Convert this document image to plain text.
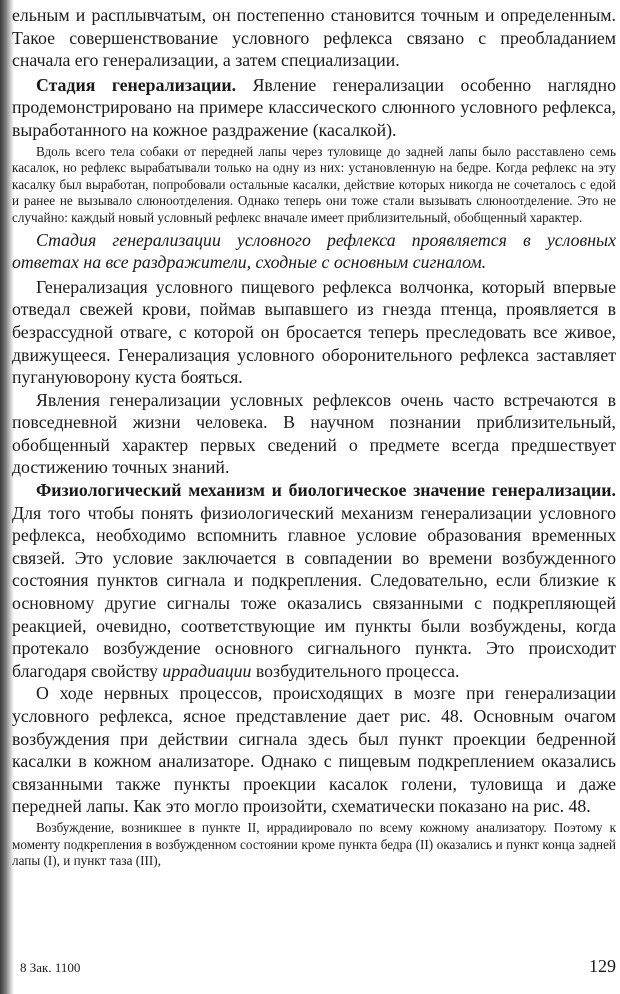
ельным и расплывчатым, он постепенно становится точным и определенным. Такое совершенствование условного рефлекса связано с преобладанием сначала его генерализации, а затем специализации.

Стадия генерализации. Явление генерализации особенно наглядно продемонстрировано на примере классического слюнного условного рефлекса, выработанного на кожное раздражение (касалкой).

Вдоль всего тела собаки от передней лапы через туловище до задней лапы было расставлено семь касалок, но рефлекс вырабатывали только на одну из них: установленную на бедре. Когда рефлекс на эту касалку был выработан, попробовали остальные касалки, действие которых никогда не сочеталось с едой и ранее не вызывало слюноотделения. Однако теперь они тоже стали вызывать слюноотделение. Это не случайно: каждый новый условный рефлекс вначале имеет приблизительный, обобщенный характер.

Стадия генерализации условного рефлекса проявляется в условных ответах на все раздражители, сходные с основным сигналом.

Генерализация условного пищевого рефлекса волчонка, который впервые отведал свежей крови, поймав выпавшего из гнезда птенца, проявляется в безрассудной отваге, с которой он бросается теперь преследовать все живое, движущееся. Генерализация условного оборонительного рефлекса заставляет пугануюворону куста бояться.

Явления генерализации условных рефлексов очень часто встречаются в повседневной жизни человека. В научном познании приблизительный, обобщенный характер первых сведений о предмете всегда предшествует достижению точных знаний.

Физиологический механизм и биологическое значение генерализации. Для того чтобы понять физиологический механизм генерализации условного рефлекса, необходимо вспомнить главное условие образования временных связей. Это условие заключается в совпадении во времени возбужденного состояния пунктов сигнала и подкрепления. Следовательно, если близкие к основному другие сигналы тоже оказались связанными с подкрепляющей реакцией, очевидно, соответствующие им пункты были возбуждены, когда протекало возбуждение основного сигнального пункта. Это происходит благодаря свойству иррадиации возбудительного процесса.

О ходе нервных процессов, происходящих в мозге при генерализации условного рефлекса, ясное представление дает рис. 48. Основным очагом возбуждения при действии сигнала здесь был пункт проекции бедренной касалки в кожном анализаторе. Однако с пищевым подкреплением оказались связанными также пункты проекции касалок голени, туловища и даже передней лапы. Как это могло произойти, схематически показано на рис. 48.

Возбуждение, возникшее в пункте II, иррадиировало по всему кожному анализатору. Поэтому к моменту подкрепления в возбужденном состоянии кроме пункта бедра (II) оказались и пункт конца задней лапы (I), и пункт таза (III),

8 Зак. 1100	129
